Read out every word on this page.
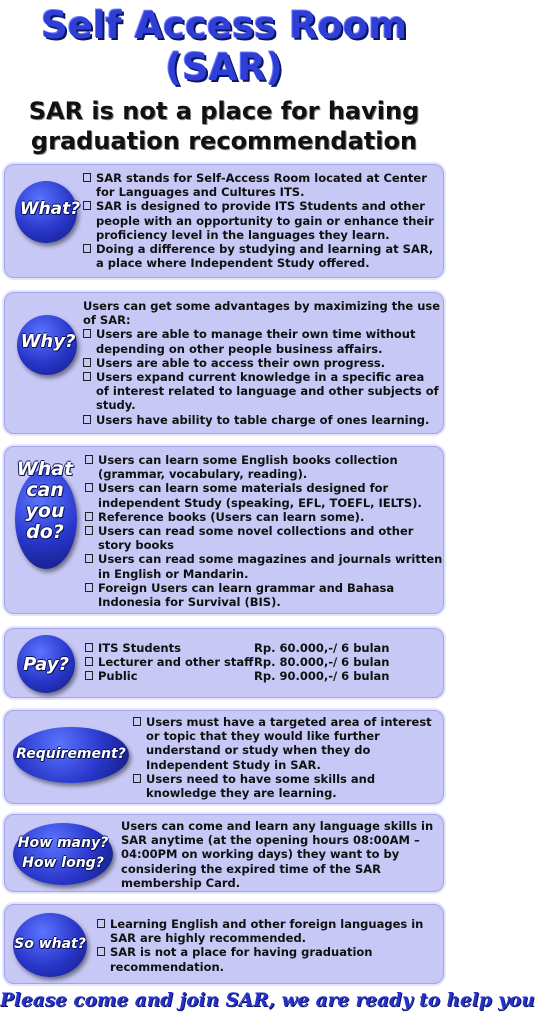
Self Access Room
(SAR)
SAR is not a place for having
graduation recommendation
What?
SAR stands for Self-Access Room located at Center for Languages and Cultures ITS.
SAR is designed to provide ITS Students and other people with an opportunity to gain or enhance their proficiency level in the languages they learn.
Doing a difference by studying and learning at SAR, a place where Independent Study offered.
Why?
Users can get some advantages by maximizing the use of SAR:
Users are able to manage their own time without depending on other people business affairs.
Users are able to access their own progress.
Users expand current knowledge in a specific area of interest related to language and other subjects of study.
Users have ability to table charge of ones learning.
What
can
you
do?
Users can learn some English books collection (grammar, vocabulary, reading).
Users can learn some materials designed for independent Study (speaking, EFL, TOEFL, IELTS).
Reference books (Users can learn some).
Users can read some novel collections and other story books
Users can read some magazines and journals written in English or Mandarin.
Foreign Users can learn grammar and Bahasa Indonesia for Survival (BIS).
Pay?
ITS Students	Rp. 60.000,-/ 6 bulan
Lecturer and other staff Rp. 80.000,-/ 6 bulan
Public	Rp. 90.000,-/ 6 bulan
Requirement?
Users must have a targeted area of interest or topic that they would like further understand or study when they do Independent Study in SAR.
Users need to have some skills and knowledge they are learning.
How many?
How long?
Users can come and learn any language skills in SAR anytime (at the opening hours 08:00AM – 04:00PM on working days) they want to by considering the expired time of the SAR membership Card.
So what?
Learning English and other foreign languages in SAR are highly recommended.
SAR is not a place for having graduation recommendation.
Please come and join SAR, we are ready to help you
